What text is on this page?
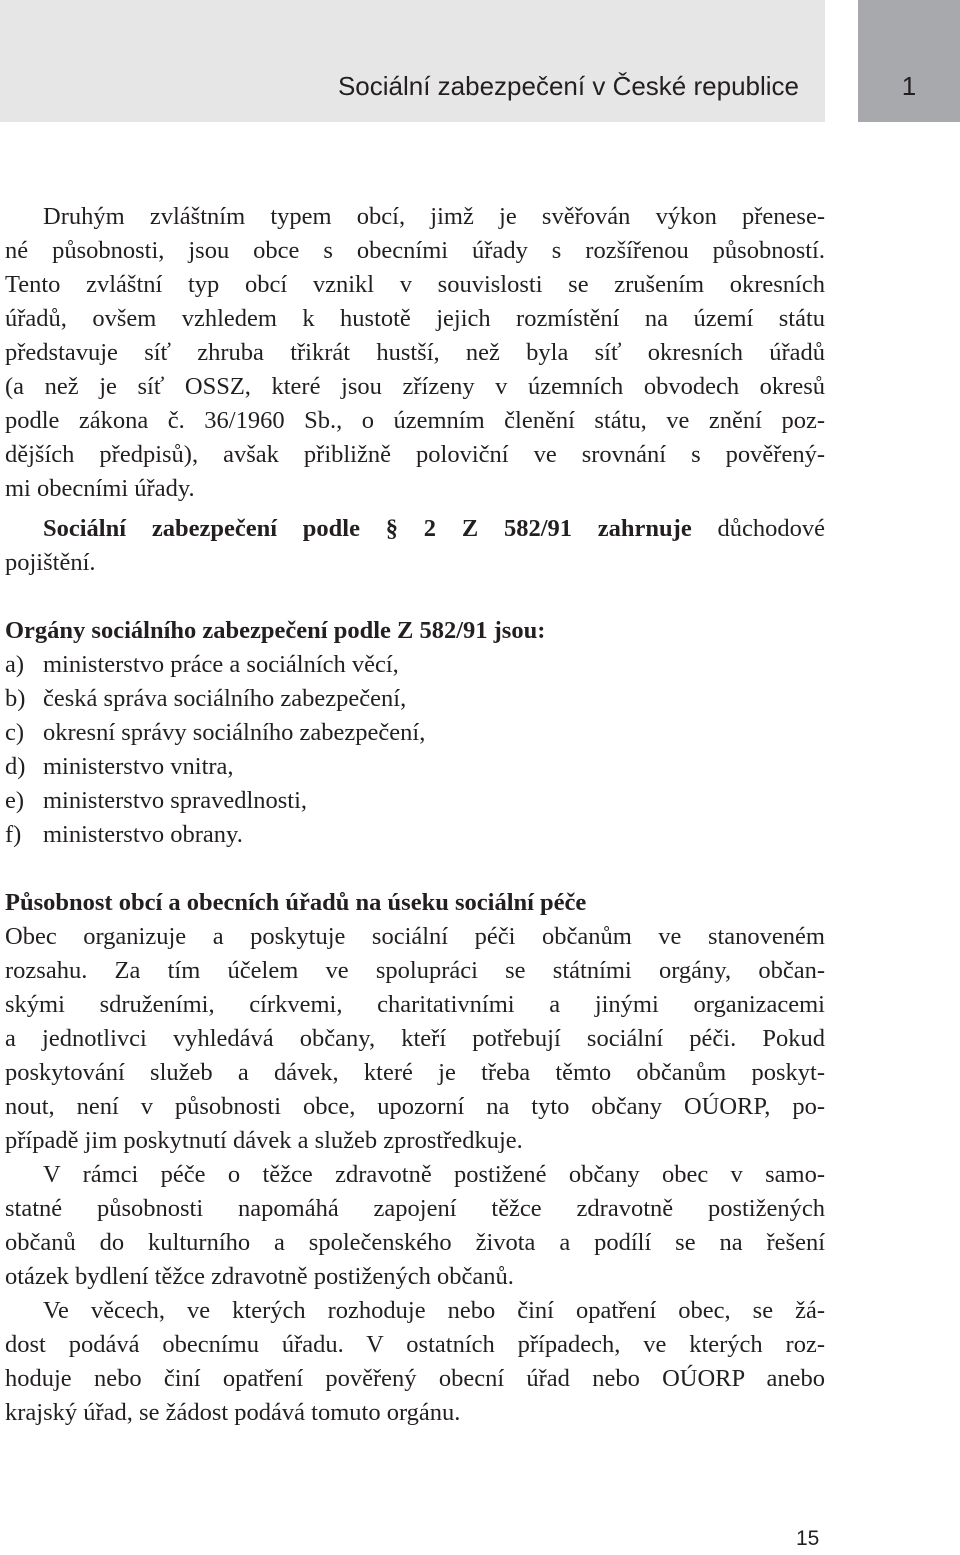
Sociální zabezpečení v České republice	1
Druhým zvláštním typem obcí, jimž je svěřován výkon přenese-
né působnosti, jsou obce s obecními úřady s rozšířenou působností.
Tento zvláštní typ obcí vznikl v souvislosti se zrušením okresních
úřadů, ovšem vzhledem k hustotě jejich rozmístění na území státu
představuje síť zhruba třikrát hustší, než byla síť okresních úřadů
(a než je síť OSSZ, které jsou zřízeny v územních obvodech okresů
podle zákona č. 36/1960 Sb., o územním členění státu, ve znění poz-
dějších předpisů), avšak přibližně poloviční ve srovnání s pověřený-
mi obecními úřady.
Sociální zabezpečení podle § 2 Z 582/91 zahrnuje důchodové
pojištění.
Orgány sociálního zabezpečení podle Z 582/91 jsou:
a) ministerstvo práce a sociálních věcí,
b) česká správa sociálního zabezpečení,
c) okresní správy sociálního zabezpečení,
d) ministerstvo vnitra,
e) ministerstvo spravedlnosti,
f) ministerstvo obrany.
Působnost obcí a obecních úřadů na úseku sociální péče
Obec organizuje a poskytuje sociální péči občanům ve stanoveném
rozsahu. Za tím účelem ve spolupráci se státními orgány, občan-
skými sdruženími, církvemi, charitativními a jinými organizacemi
a jednotlivci vyhledává občany, kteří potřebují sociální péči. Pokud
poskytování služeb a dávek, které je třeba těmto občanům poskyt-
nout, není v působnosti obce, upozorní na tyto občany OÚORP, po-
případě jim poskytnutí dávek a služeb zprostředkuje.
V rámci péče o těžce zdravotně postižené občany obec v samo-
statné působnosti napomáhá zapojení těžce zdravotně postižených
občanů do kulturního a společenského života a podílí se na řešení
otázek bydlení těžce zdravotně postižených občanů.
Ve věcech, ve kterých rozhoduje nebo činí opatření obec, se žá-
dost podává obecnímu úřadu. V ostatních případech, ve kterých roz-
hoduje nebo činí opatření pověřený obecní úřad nebo OÚORP anebo
krajský úřad, se žádost podává tomuto orgánu.
15
